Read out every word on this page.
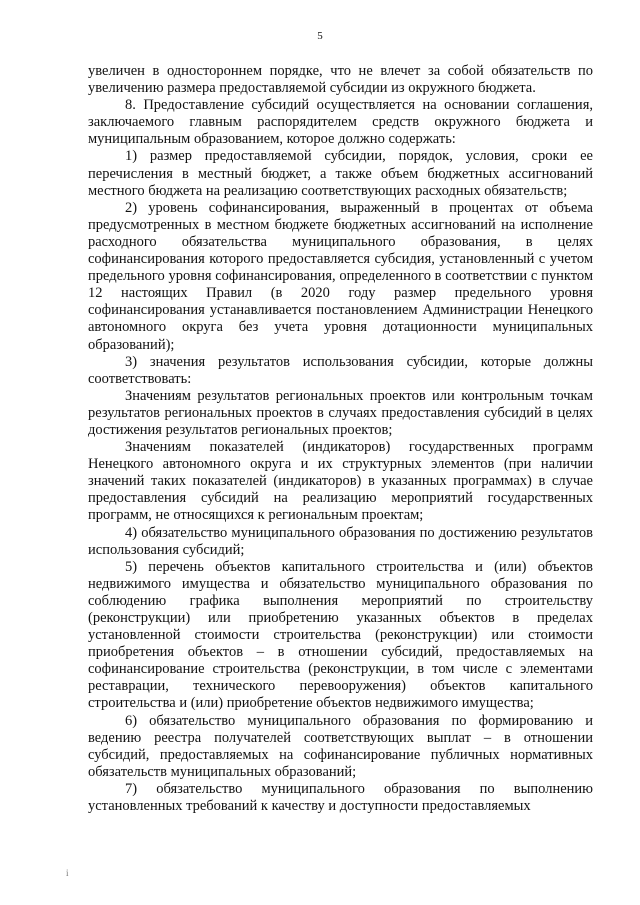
5

увеличен в одностороннем порядке, что не влечет за собой обязательств по увеличению размера предоставляемой субсидии из окружного бюджета.

8. Предоставление субсидий осуществляется на основании соглашения, заключаемого главным распорядителем средств окружного бюджета и муниципальным образованием, которое должно содержать:

1) размер предоставляемой субсидии, порядок, условия, сроки ее перечисления в местный бюджет, а также объем бюджетных ассигнований местного бюджета на реализацию соответствующих расходных обязательств;

2) уровень софинансирования, выраженный в процентах от объема предусмотренных в местном бюджете бюджетных ассигнований на исполнение расходного обязательства муниципального образования, в целях софинансирования которого предоставляется субсидия, установленный с учетом предельного уровня софинансирования, определенного в соответствии с пунктом 12 настоящих Правил (в 2020 году размер предельного уровня софинансирования устанавливается постановлением Администрации Ненецкого автономного округа без учета уровня дотационности муниципальных образований);

3) значения результатов использования субсидии, которые должны соответствовать:

Значениям результатов региональных проектов или контрольным точкам результатов региональных проектов в случаях предоставления субсидий в целях достижения результатов региональных проектов;

Значениям показателей (индикаторов) государственных программ Ненецкого автономного округа и их структурных элементов (при наличии значений таких показателей (индикаторов) в указанных программах) в случае предоставления субсидий на реализацию мероприятий государственных программ, не относящихся к региональным проектам;

4) обязательство муниципального образования по достижению результатов использования субсидий;

5) перечень объектов капитального строительства и (или) объектов недвижимого имущества и обязательство муниципального образования по соблюдению графика выполнения мероприятий по строительству (реконструкции) или приобретению указанных объектов в пределах установленной стоимости строительства (реконструкции) или стоимости приобретения объектов – в отношении субсидий, предоставляемых на софинансирование строительства (реконструкции, в том числе с элементами реставрации, технического перевооружения) объектов капитального строительства и (или) приобретение объектов недвижимого имущества;

6) обязательство муниципального образования по формированию и ведению реестра получателей соответствующих выплат – в отношении субсидий, предоставляемых на софинансирование публичных нормативных обязательств муниципальных образований;

7) обязательство муниципального образования по выполнению установленных требований к качеству и доступности предоставляемых

і
